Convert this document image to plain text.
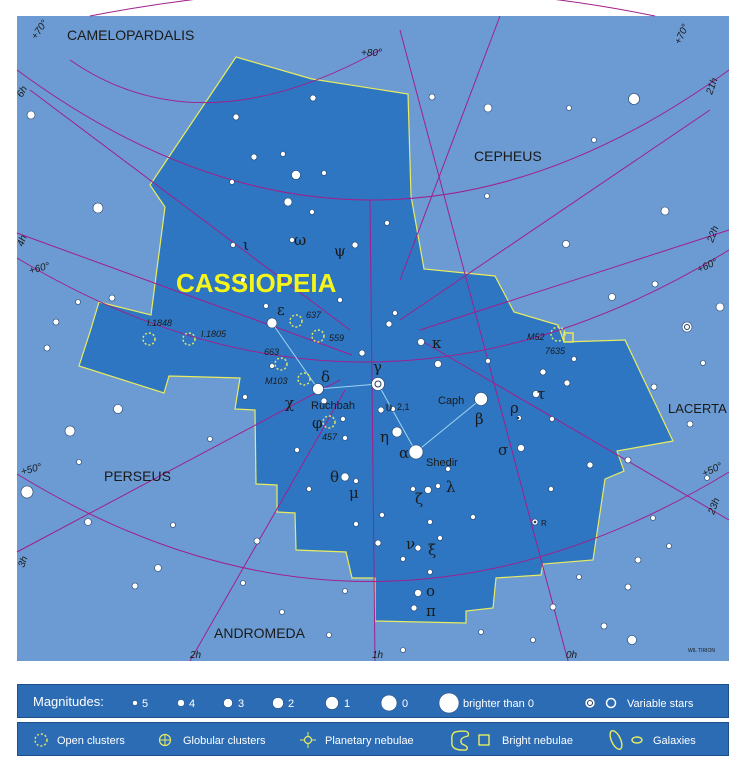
CASSIOPEIA
CAMELOPARDALIS
CEPHEUS
LACERTA
PERSEUS
ANDROMEDA
+80°
+70°	+70°
+60°	+60°
+50°	+50°
6h
4h
3h
2h	1h	0h
21h
22h
23h
Caph
Shedir
Ruchbah
α
β
γ
δ
ε
ζ
η
θ
ι
κ
λ
μ
ν ξ
ο
π
ρ
σ
τ
υ
φ
χ
ψ
ω
2,1
R
I.1848
I.1805
637
559
663
M103
457
M52
7635
WIL TIRION
Magnitudes:	5	4	3	2	1	0	brighter than 0	Variable stars
Open clusters	Globular clusters	Planetary nebulae	Bright nebulae	Galaxies
